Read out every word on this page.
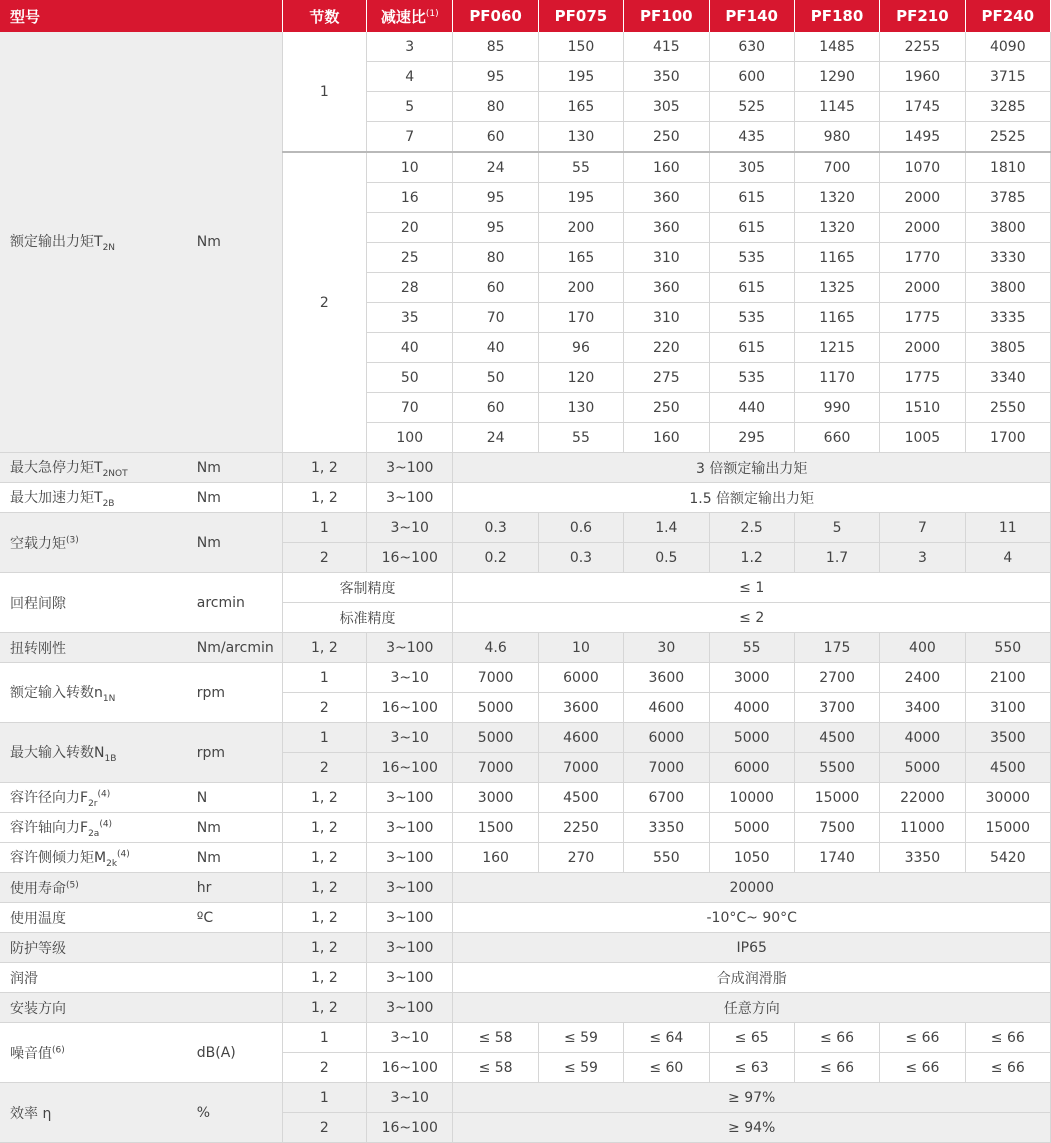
型号		节数	减速比$^{(1)}$	PF060	PF075	PF100	PF140	PF180	PF210	PF240
额定输出力矩$T_{2N}$	Nm	1	3	85	150	415	630	1485	2255	4090
			4	95	195	350	600	1290	1960	3715
			5	80	165	305	525	1145	1745	3285
			7	60	130	250	435	980	1495	2525
		2	10	24	55	160	305	700	1070	1810
			16	95	195	360	615	1320	2000	3785
			20	95	200	360	615	1320	2000	3800
			25	80	165	310	535	1165	1770	3330
			28	60	200	360	615	1325	2000	3800
			35	70	170	310	535	1165	1775	3335
			40	40	96	220	615	1215	2000	3805
			50	50	120	275	535	1170	1775	3340
			70	60	130	250	440	990	1510	2550
			100	24	55	160	295	660	1005	1700
最大急停力矩$T_{2NOT}$	Nm	1, 2	3~100	3 倍额定输出力矩						
最大加速力矩$T_{2B}$	Nm	1, 2	3~100	1.5 倍额定输出力矩						
空载力矩$^{(3)}$	Nm	1	3~10	0.3	0.6	1.4	2.5	5	7	11
		2	16~100	0.2	0.3	0.5	1.2	1.7	3	4
回程间隙	arcmin	客制精度		≤ 1						
		标准精度		≤ 2						
扭转刚性	Nm/arcmin	1, 2	3~100	4.6	10	30	55	175	400	550
额定输入转数$n_{1N}$	rpm	1	3~10	7000	6000	3600	3000	2700	2400	2100
		2	16~100	5000	3600	4600	4000	3700	3400	3100
最大输入转数$N_{1B}$	rpm	1	3~10	5000	4600	6000	5000	4500	4000	3500
		2	16~100	7000	7000	7000	6000	5500	5000	4500
容许径向力$F_{2r}^{(4)}$	N	1, 2	3~100	3000	4500	6700	10000	15000	22000	30000
容许轴向力$F_{2a}^{(4)}$	Nm	1, 2	3~100	1500	2250	3350	5000	7500	11000	15000
容许侧倾力矩$M_{2k}^{(4)}$	Nm	1, 2	3~100	160	270	550	1050	1740	3350	5420
使用寿命$^{(5)}$	hr	1, 2	3~100	20000						
使用温度	ºC	1, 2	3~100	-10°C~ 90°C						
防护等级		1, 2	3~100	IP65						
润滑		1, 2	3~100	合成润滑脂						
安装方向		1, 2	3~100	任意方向						
噪音值$^{(6)}$	dB(A)	1	3~10	≤ 58	≤ 59	≤ 64	≤ 65	≤ 66	≤ 66	≤ 66
		2	16~100	≤ 58	≤ 59	≤ 60	≤ 63	≤ 66	≤ 66	≤ 66
效率 η	%	1	3~10	≥ 97%						
		2	16~100	≥ 94%						
